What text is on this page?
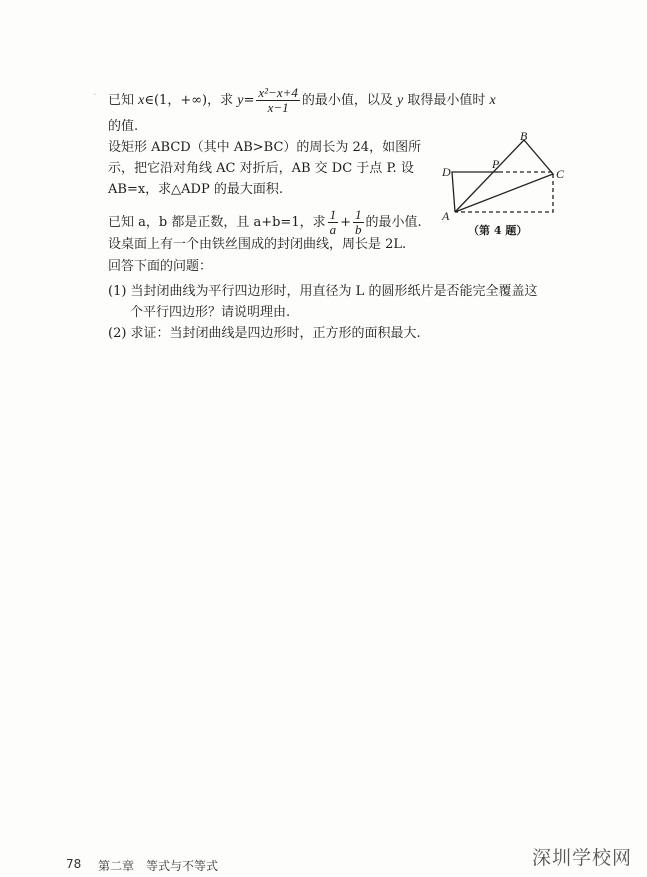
· 已知 x∈(1，+∞)，求 $y= \frac{\text{x²−x+4}}{x-1}$ 的最小值，以及 y 取得最小值时 x
的值.
设矩形 ABCD（其中 AB>BC）的周长为 24，如图所
示，把它沿对角线 AC 对折后，AB 交 DC 于点 P. 设
AB=x，求△ADP 的最大面积.
已知 a，b 都是正数，且 a+b=1，求 $\frac{1}{a} + \frac{1}{b}$ 的最小值.
设桌面上有一个由铁丝围成的封闭曲线，周长是 2L.
回答下面的问题：
(1) 当封闭曲线为平行四边形时，用直径为 L 的圆形纸片是否能完全覆盖这
个平行四边形？请说明理由.
(2) 求证：当封闭曲线是四边形时，正方形的面积最大.
A
B
C
D
P
（第 4 题）
78 第二章　等式与不等式	深圳学校网
